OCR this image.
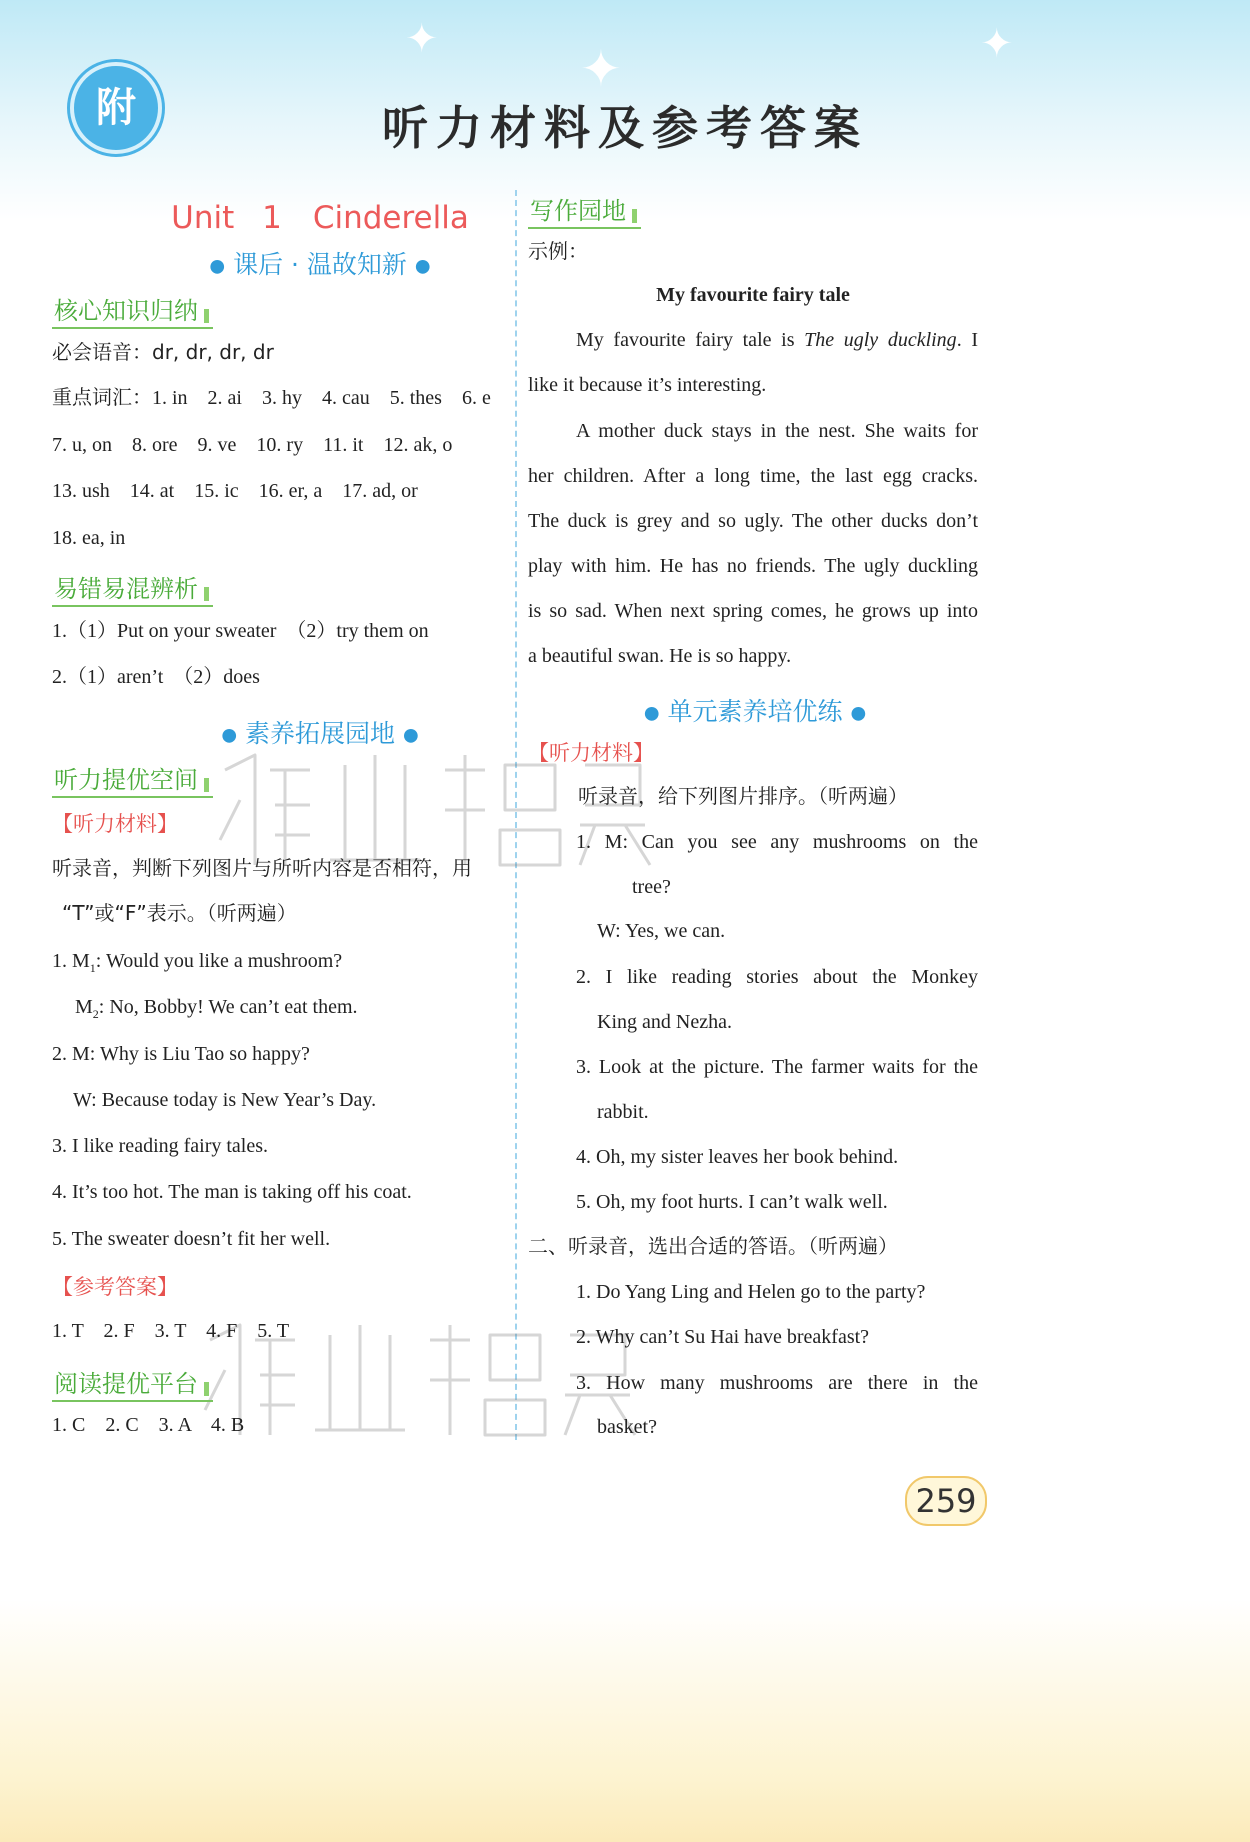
✦
✦	✦
附	听力材料及参考答案
Unit 1　Cinderella
● 课后 · 温故知新 ●
核心知识归纳
必会语音：dr, dr, dr, dr
重点词汇：1. in　2. ai　3. hy　4. cau　5. thes　6. e
7. u, on　8. ore　9. ve　10. ry　11. it　12. ak, o
13. ush　14. at　15. ic　16. er, a　17. ad, or
18. ea, in
易错易混辨析
1.（1）Put on your sweater　（2）try them on
2.（1）aren’t　（2）does
● 素养拓展园地 ●
听力提优空间
【听力材料】
听录音，判断下列图片与所听内容是否相符，用
“T”或“F”表示。（听两遍）
1. $M_1$: Would you like a mushroom?
$M_2$: No, Bobby! We can’t eat them.
2. M: Why is Liu Tao so happy?
W: Because today is New Year’s Day.
3. I like reading fairy tales.
4. It’s too hot. The man is taking off his coat.
5. The sweater doesn’t fit her well.
【参考答案】
1. T　2. F　3. T　4. F　5. T
阅读提优平台
1. C　2. C　3. A　4. B
写作园地
示例：
My favourite fairy tale
My favourite fairy tale is The ugly duckling. I
like it because it’s interesting.
A mother duck stays in the nest. She waits for
her children. After a long time, the last egg cracks.
The duck is grey and so ugly. The other ducks don’t
play with him. He has no friends. The ugly duckling
is so sad. When next spring comes, he grows up into
a beautiful swan. He is so happy.
● 单元素养培优练 ●
【听力材料】
听录音，给下列图片排序。（听两遍）
1. M: Can you see any mushrooms on the
tree?
W: Yes, we can.
2. I like reading stories about the Monkey
King and Nezha.
3. Look at the picture. The farmer waits for the
rabbit.
4. Oh, my sister leaves her book behind.
5. Oh, my foot hurts. I can’t walk well.
二、听录音，选出合适的答语。（听两遍）
1. Do Yang Ling and Helen go to the party?
2. Why can’t Su Hai have breakfast?
3. How many mushrooms are there in the
basket?
259
